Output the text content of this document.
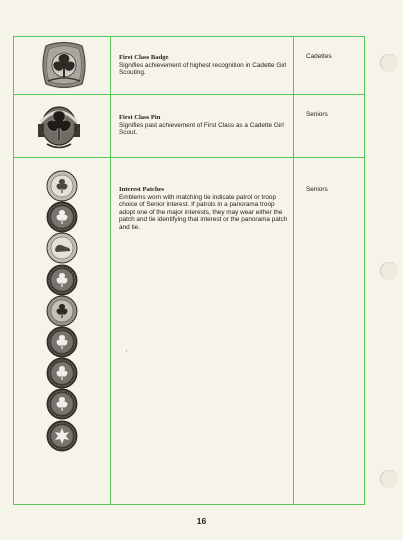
First Class Badge
Signifies achievement of highest recognition in Cadette Girl Scouting.
Cadettes
First Class Pin
Signifies past achievement of First Class as a Cadette Girl Scout.
Seniors
Interest Patches
Emblems worn with matching tie indicate patrol or troop choice of Senior interest. If patrols in a panorama troop adopt one of the major interests, they may wear either the patch and tie identifying that interest or the panorama patch and tie.
Seniors
16
